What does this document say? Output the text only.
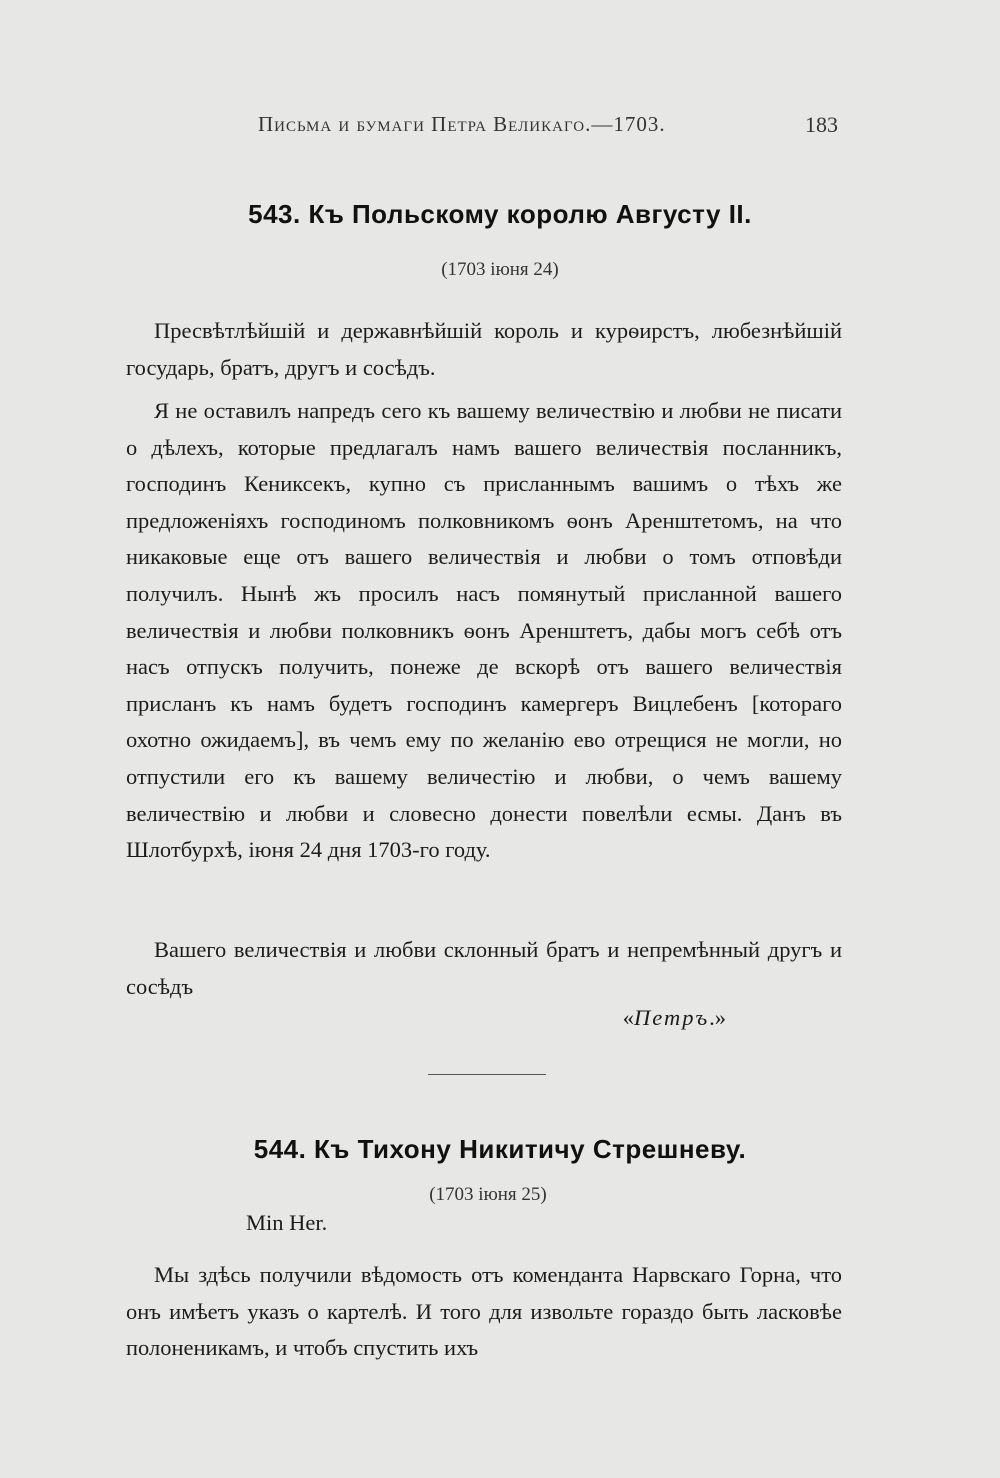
Письма и бумаги Петра Великаго.—1703.	183
543. Къ Польскому королю Августу II.
(1703 іюня 24)

Пресвѣтлѣйшій и державнѣйшій король и курѳирстъ, любезнѣйшій государь, братъ, другъ и сосѣдъ.

Я не оставилъ напредъ сего къ вашему величествію и любви не писати о дѣлехъ, которые предлагалъ намъ вашего величествія посланникъ, господинъ Кениксекъ, купно съ присланнымъ вашимъ о тѣхъ же предложеніяхъ господиномъ полковникомъ ѳонъ Аренштетомъ, на что никаковые еще отъ вашего величествія и любви о томъ отповѣди получилъ. Нынѣ жъ просилъ насъ помянутый присланной вашего величествія и любви полковникъ ѳонъ Аренштетъ, дабы могъ себѣ отъ насъ отпускъ получить, понеже де вскорѣ отъ вашего величествія присланъ къ намъ будетъ господинъ камергеръ Вицлебенъ [котораго охотно ожидаемъ], въ чемъ ему по желанію ево отрещися не могли, но отпустили его къ вашему величестію и любви, о чемъ вашему величествію и любви и словесно донести повелѣли есмы. Данъ въ Шлотбурхѣ, іюня 24 дня 1703-го году.

Вашего величествія и любви склонный братъ и непремѣнный другъ и сосѣдъ

«Петръ.»
544. Къ Тихону Никитичу Стрешневу.
(1703 іюня 25)
Min Her.

Мы здѣсь получили вѣдомость отъ коменданта Нарвскаго Горна, что онъ имѣетъ указъ о картелѣ. И того для извольте гораздо быть ласковѣе полоненикамъ, и чтобъ спустить ихъ
